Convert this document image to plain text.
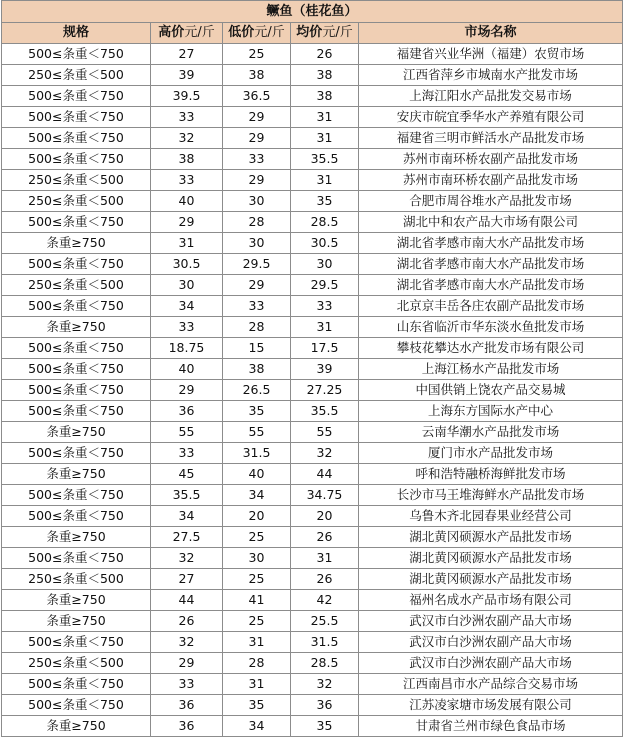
鳜鱼（桂花鱼）				
规格	高价元/斤	低价元/斤	均价元/斤	市场名称
500≤条重＜750	27	25	26	福建省兴业华洲（福建）农贸市场
250≤条重＜500	39	38	38	江西省萍乡市城南水产批发市场
500≤条重＜750	39.5	36.5	38	上海江阳水产品批发交易市场
500≤条重＜750	33	29	31	安庆市皖宜季华水产养殖有限公司
500≤条重＜750	32	29	31	福建省三明市鲜活水产品批发市场
500≤条重＜750	38	33	35.5	苏州市南环桥农副产品批发市场
250≤条重＜500	33	29	31	苏州市南环桥农副产品批发市场
250≤条重＜500	40	30	35	合肥市周谷堆水产品批发市场
500≤条重＜750	29	28	28.5	湖北中和农产品大市场有限公司
条重≥750	31	30	30.5	湖北省孝感市南大水产品批发市场
500≤条重＜750	30.5	29.5	30	湖北省孝感市南大水产品批发市场
250≤条重＜500	30	29	29.5	湖北省孝感市南大水产品批发市场
500≤条重＜750	34	33	33	北京京丰岳各庄农副产品批发市场
条重≥750	33	28	31	山东省临沂市华东淡水鱼批发市场
500≤条重＜750	18.75	15	17.5	攀枝花攀达水产批发市场有限公司
500≤条重＜750	40	38	39	上海江杨水产品批发市场
500≤条重＜750	29	26.5	27.25	中国供销上饶农产品交易城
500≤条重＜750	36	35	35.5	上海东方国际水产中心
条重≥750	55	55	55	云南华潮水产品批发市场
500≤条重＜750	33	31.5	32	厦门市水产品批发市场
条重≥750	45	40	44	呼和浩特融桥海鲜批发市场
500≤条重＜750	35.5	34	34.75	长沙市马王堆海鲜水产品批发市场
500≤条重＜750	34	20	20	乌鲁木齐北园春果业经营公司
条重≥750	27.5	25	26	湖北黄冈硕源水产品批发市场
500≤条重＜750	32	30	31	湖北黄冈硕源水产品批发市场
250≤条重＜500	27	25	26	湖北黄冈硕源水产品批发市场
条重≥750	44	41	42	福州名成水产品市场有限公司
条重≥750	26	25	25.5	武汉市白沙洲农副产品大市场
500≤条重＜750	32	31	31.5	武汉市白沙洲农副产品大市场
250≤条重＜500	29	28	28.5	武汉市白沙洲农副产品大市场
500≤条重＜750	33	31	32	江西南昌市水产品综合交易市场
500≤条重＜750	36	35	36	江苏凌家塘市场发展有限公司
条重≥750	36	34	35	甘肃省兰州市绿色食品市场
